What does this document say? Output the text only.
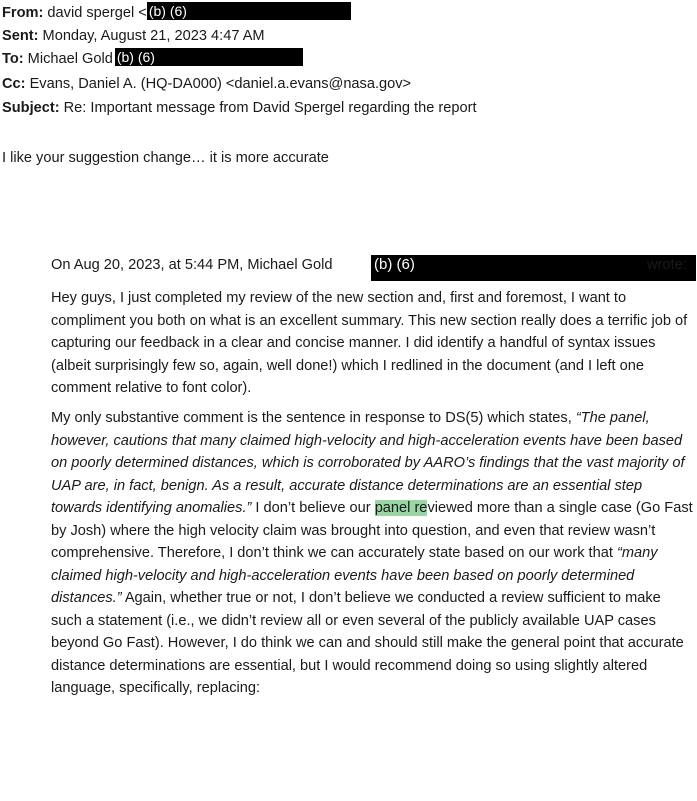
From: david spergel < (b) (6)
Sent: Monday, August 21, 2023 4:47 AM
To: Michael Gold (b) (6)
Cc: Evans, Daniel A. (HQ-DA000) <daniel.a.evans@nasa.gov>
Subject: Re: Important message from David Spergel regarding the report
I like your suggestion change… it is more accurate
On Aug 20, 2023, at 5:44 PM, Michael Gold	(b) (6)	wrote:
Hey guys, I just completed my review of the new section and, first and foremost, I want to compliment you both on what is an excellent summary. This new section really does a terrific job of capturing our feedback in a clear and concise manner. I did identify a handful of syntax issues (albeit surprisingly few so, again, well done!) which I redlined in the document (and I left one comment relative to font color).
My only substantive comment is the sentence in response to DS(5) which states, “The panel, however, cautions that many claimed high-velocity and high-acceleration events have been based on poorly determined distances, which is corroborated by AARO’s findings that the vast majority of UAP are, in fact, benign. As a result, accurate distance determinations are an essential step towards identifying anomalies.” I don’t believe our panel reviewed more than a single case (Go Fast by Josh) where the high velocity claim was brought into question, and even that review wasn’t comprehensive. Therefore, I don’t think we can accurately state based on our work that “many claimed high-velocity and high-acceleration events have been based on poorly determined distances.” Again, whether true or not, I don’t believe we conducted a review sufficient to make such a statement (i.e., we didn’t review all or even several of the publicly available UAP cases beyond Go Fast). However, I do think we can and should still make the general point that accurate distance determinations are essential, but I would recommend doing so using slightly altered language, specifically, replacing:
